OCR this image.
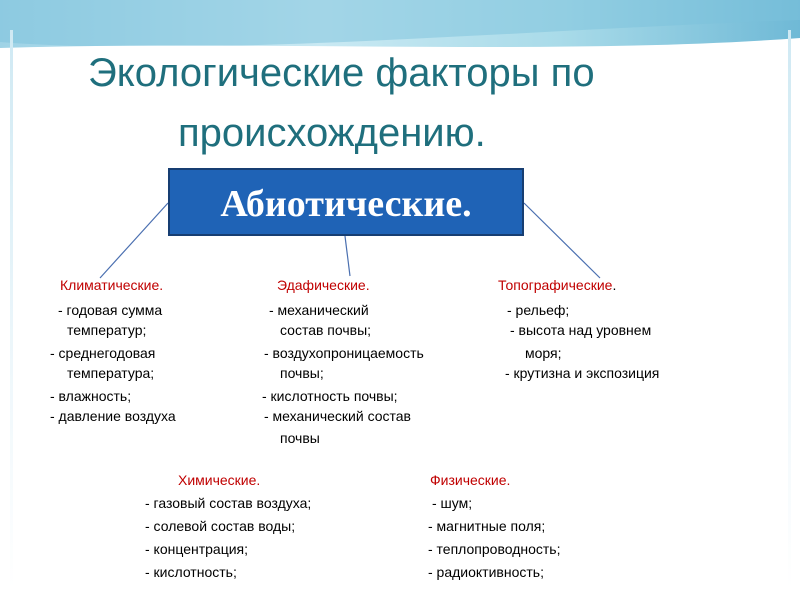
Экологические факторы по
происхождению.
Абиотические.
Климатические.
- годовая сумма
температур;
- среднегодовая
температура;
- влажность;
- давление воздуха
Эдафические.
- механический
состав почвы;
- воздухопроницаемость
почвы;
- кислотность почвы;
- механический состав
почвы
Топографические.
- рельеф;
- высота над уровнем
моря;
- крутизна и экспозиция
Химические.
- газовый состав воздуха;
- солевой состав воды;
- концентрация;
- кислотность;
Физические.
- шум;
- магнитные поля;
- теплопроводность;
- радиоктивность;
